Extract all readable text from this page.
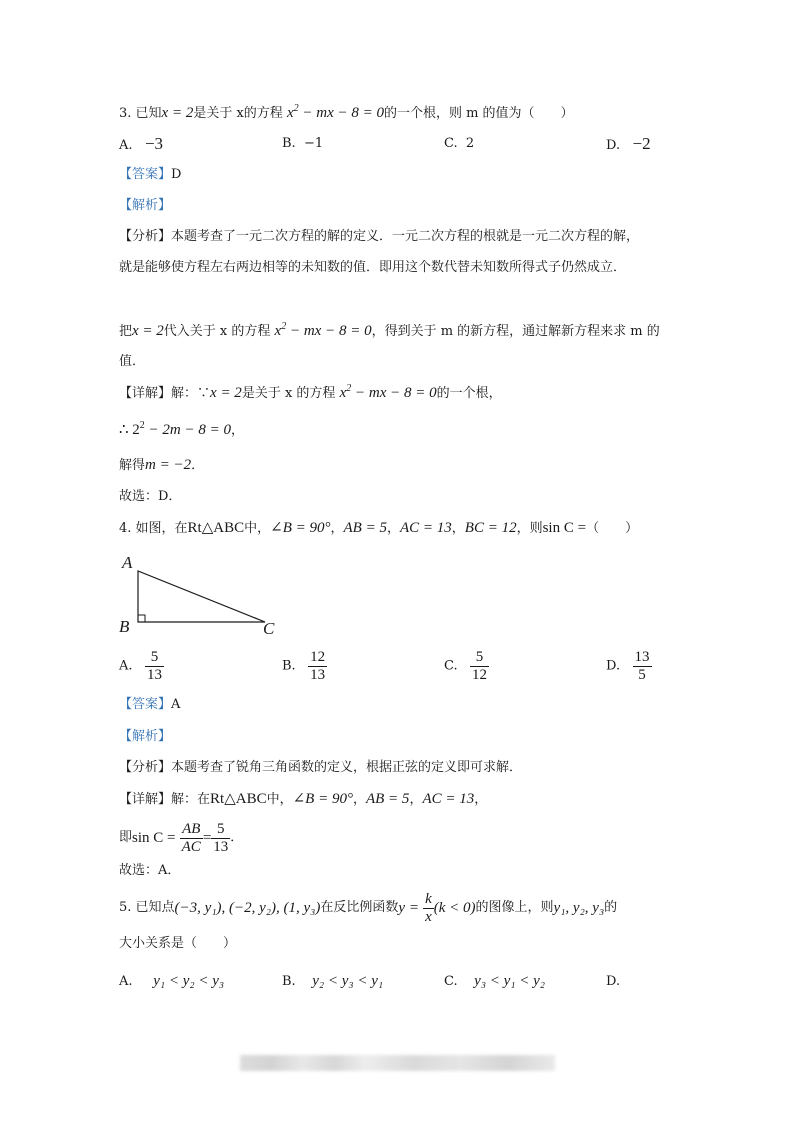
3. 已知x = 2是关于 x的方程 $x^2$ − mx − 8 = 0的一个根，则 m 的值为（　　）
A. −3	B. −1	C. 2	D. −2
【答案】D
【解析】
【分析】本题考查了一元二次方程的解的定义．一元二次方程的根就是一元二次方程的解，
就是能够使方程左右两边相等的未知数的值．即用这个数代替未知数所得式子仍然成立．
把x = 2代入关于 x 的方程 $x^2$ − mx − 8 = 0，得到关于 m 的新方程，通过解新方程来求 m 的
值．
【详解】解：∵x = 2是关于 x 的方程 $x^2$ − mx − 8 = 0的一个根，
∴ $2^2 - 2m - 8 = 0$，
解得m = −2．
故选：D．
4. 如图，在Rt△ABC中，∠B = 90°，AB = 5，AC = 13，BC = 12，则sin C =（　　）
A
B	C
A. $\frac{5}{13}$	B. $\frac{12}{13}$	C. $\frac{5}{12}$	D. $\frac{13}{5}$
【答案】A
【解析】
【分析】本题考查了锐角三角函数的定义，根据正弦的定义即可求解．
【详解】解：在Rt△ABC中，∠B = 90°，AB = 5，AC = 13，
即$\sin C = \frac{AB}{AC} = \frac{5}{13}$ ．
故选：A．
5. 已知点(−3, y₁), (−2, y₂), (1, y₃)在反比例函数$y = \frac{k}{x} (k < 0)$的图像上，则y₁, y₂, y₃的
大小关系是（　　）
A. y₁ < y₂ < y₃	B. y₂ < y₃ < y₁	C. y₃ < y₁ < y₂	D.
